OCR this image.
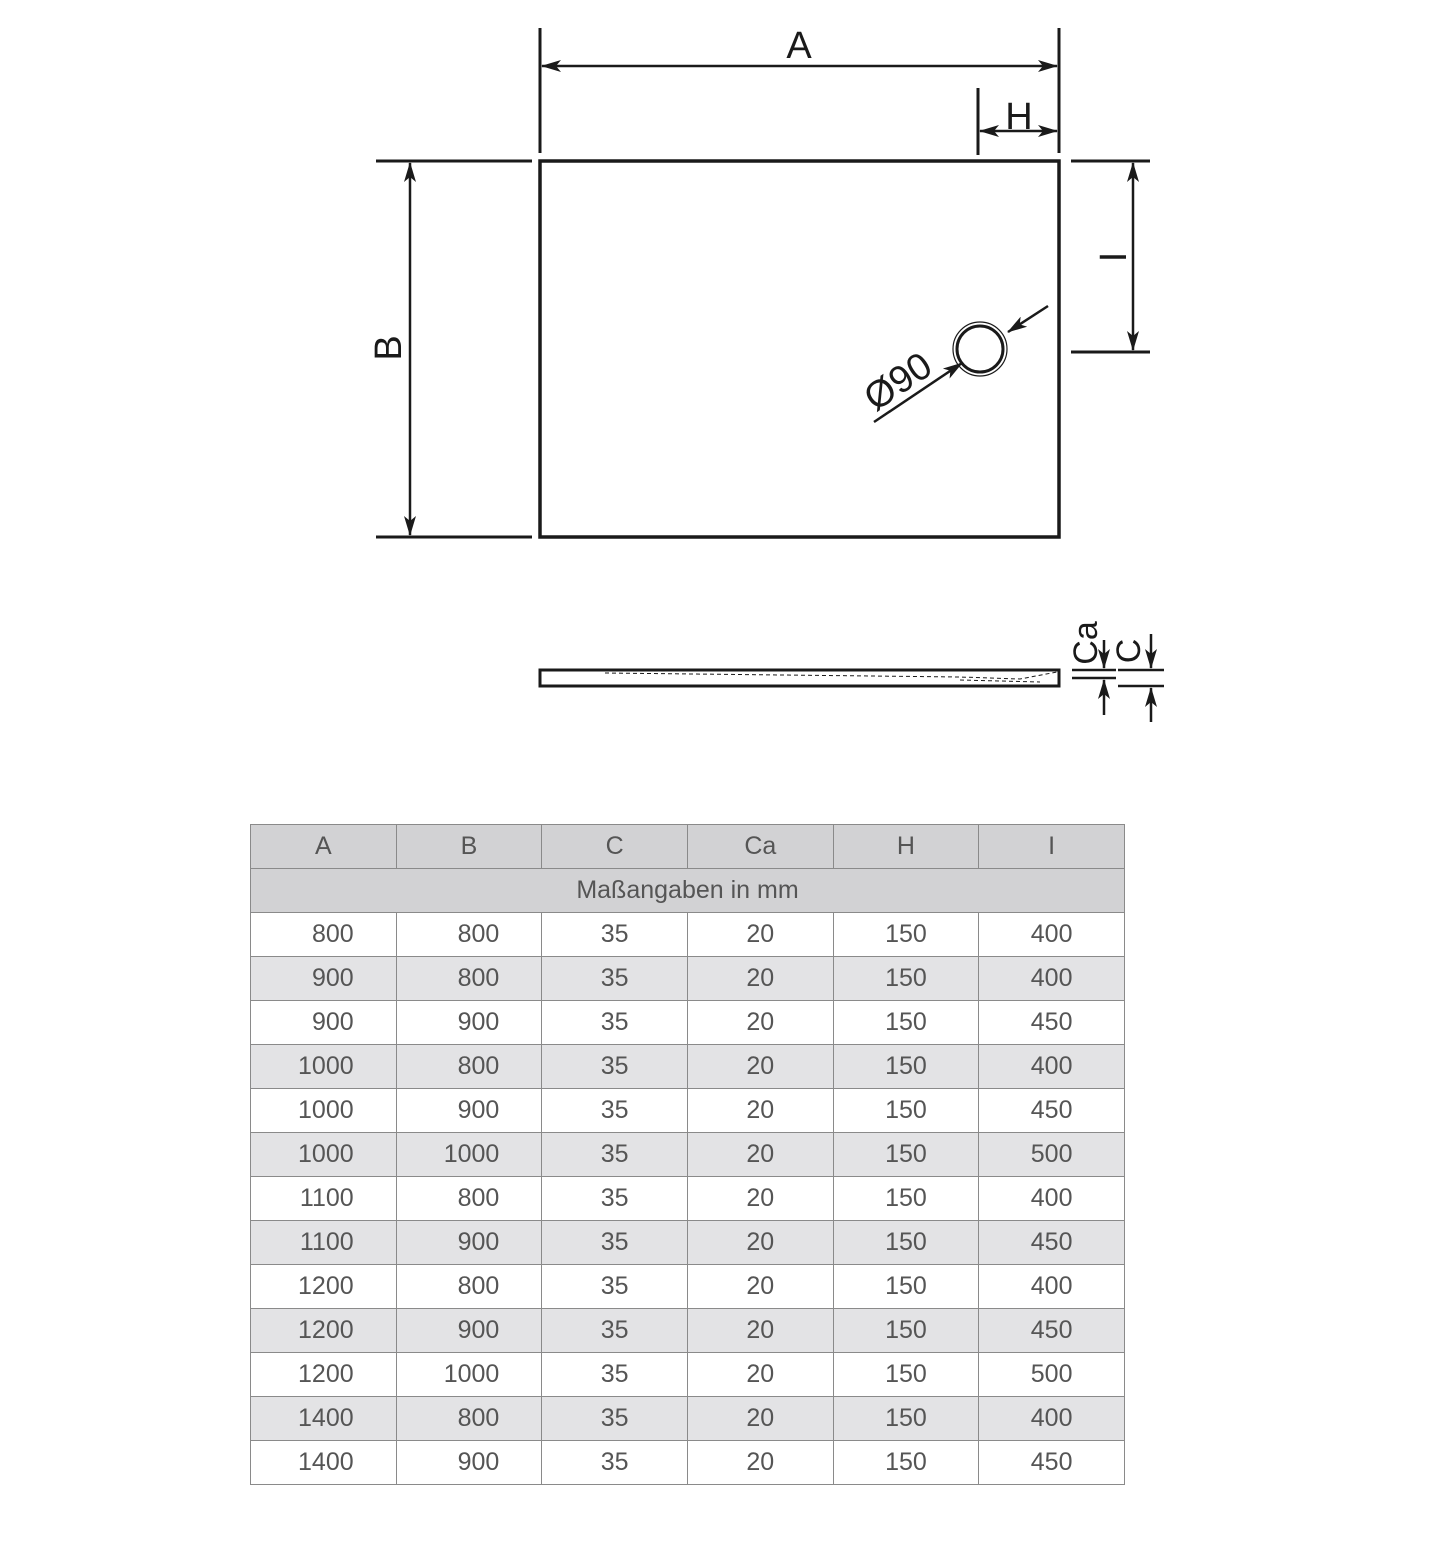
A
H
B
I
Ø90
Ca C
A	B	C	Ca	H	I
Maßangaben in mm					
800	800	35	20	150	400
900	800	35	20	150	400
900	900	35	20	150	450
1000	800	35	20	150	400
1000	900	35	20	150	450
1000	1000	35	20	150	500
1100	800	35	20	150	400
1100	900	35	20	150	450
1200	800	35	20	150	400
1200	900	35	20	150	450
1200	1000	35	20	150	500
1400	800	35	20	150	400
1400	900	35	20	150	450
